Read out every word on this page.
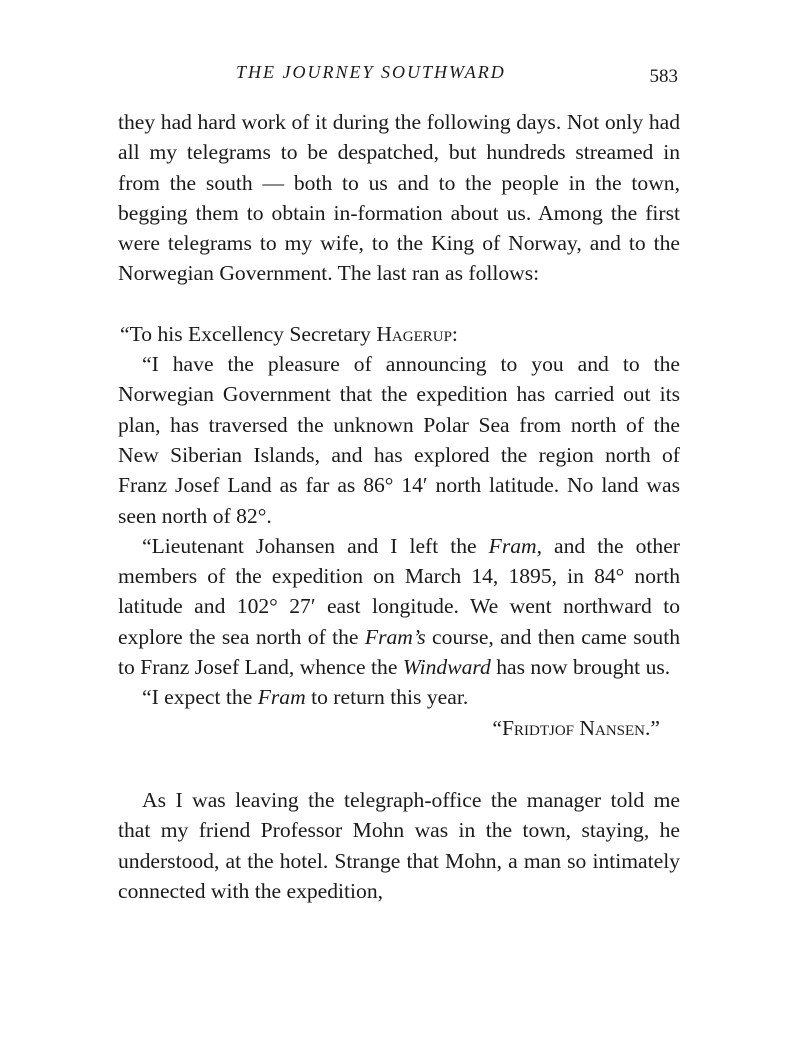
THE JOURNEY SOUTHWARD	583

they had hard work of it during the following days. Not only had all my telegrams to be despatched, but hundreds streamed in from the south — both to us and to the people in the town, begging them to obtain in-formation about us. Among the first were telegrams to my wife, to the King of Norway, and to the Norwegian Government. The last ran as follows:

“To his Excellency Secretary Hagerup:

“I have the pleasure of announcing to you and to the Norwegian Government that the expedition has carried out its plan, has traversed the unknown Polar Sea from north of the New Siberian Islands, and has explored the region north of Franz Josef Land as far as 86° 14′ north latitude. No land was seen north of 82°.

“Lieutenant Johansen and I left the Fram, and the other members of the expedition on March 14, 1895, in 84° north latitude and 102° 27′ east longitude. We went northward to explore the sea north of the Fram’s course, and then came south to Franz Josef Land, whence the Windward has now brought us.

“I expect the Fram to return this year.

“Fridtjof Nansen.”

As I was leaving the telegraph-office the manager told me that my friend Professor Mohn was in the town, staying, he understood, at the hotel. Strange that Mohn, a man so intimately connected with the expedition,
